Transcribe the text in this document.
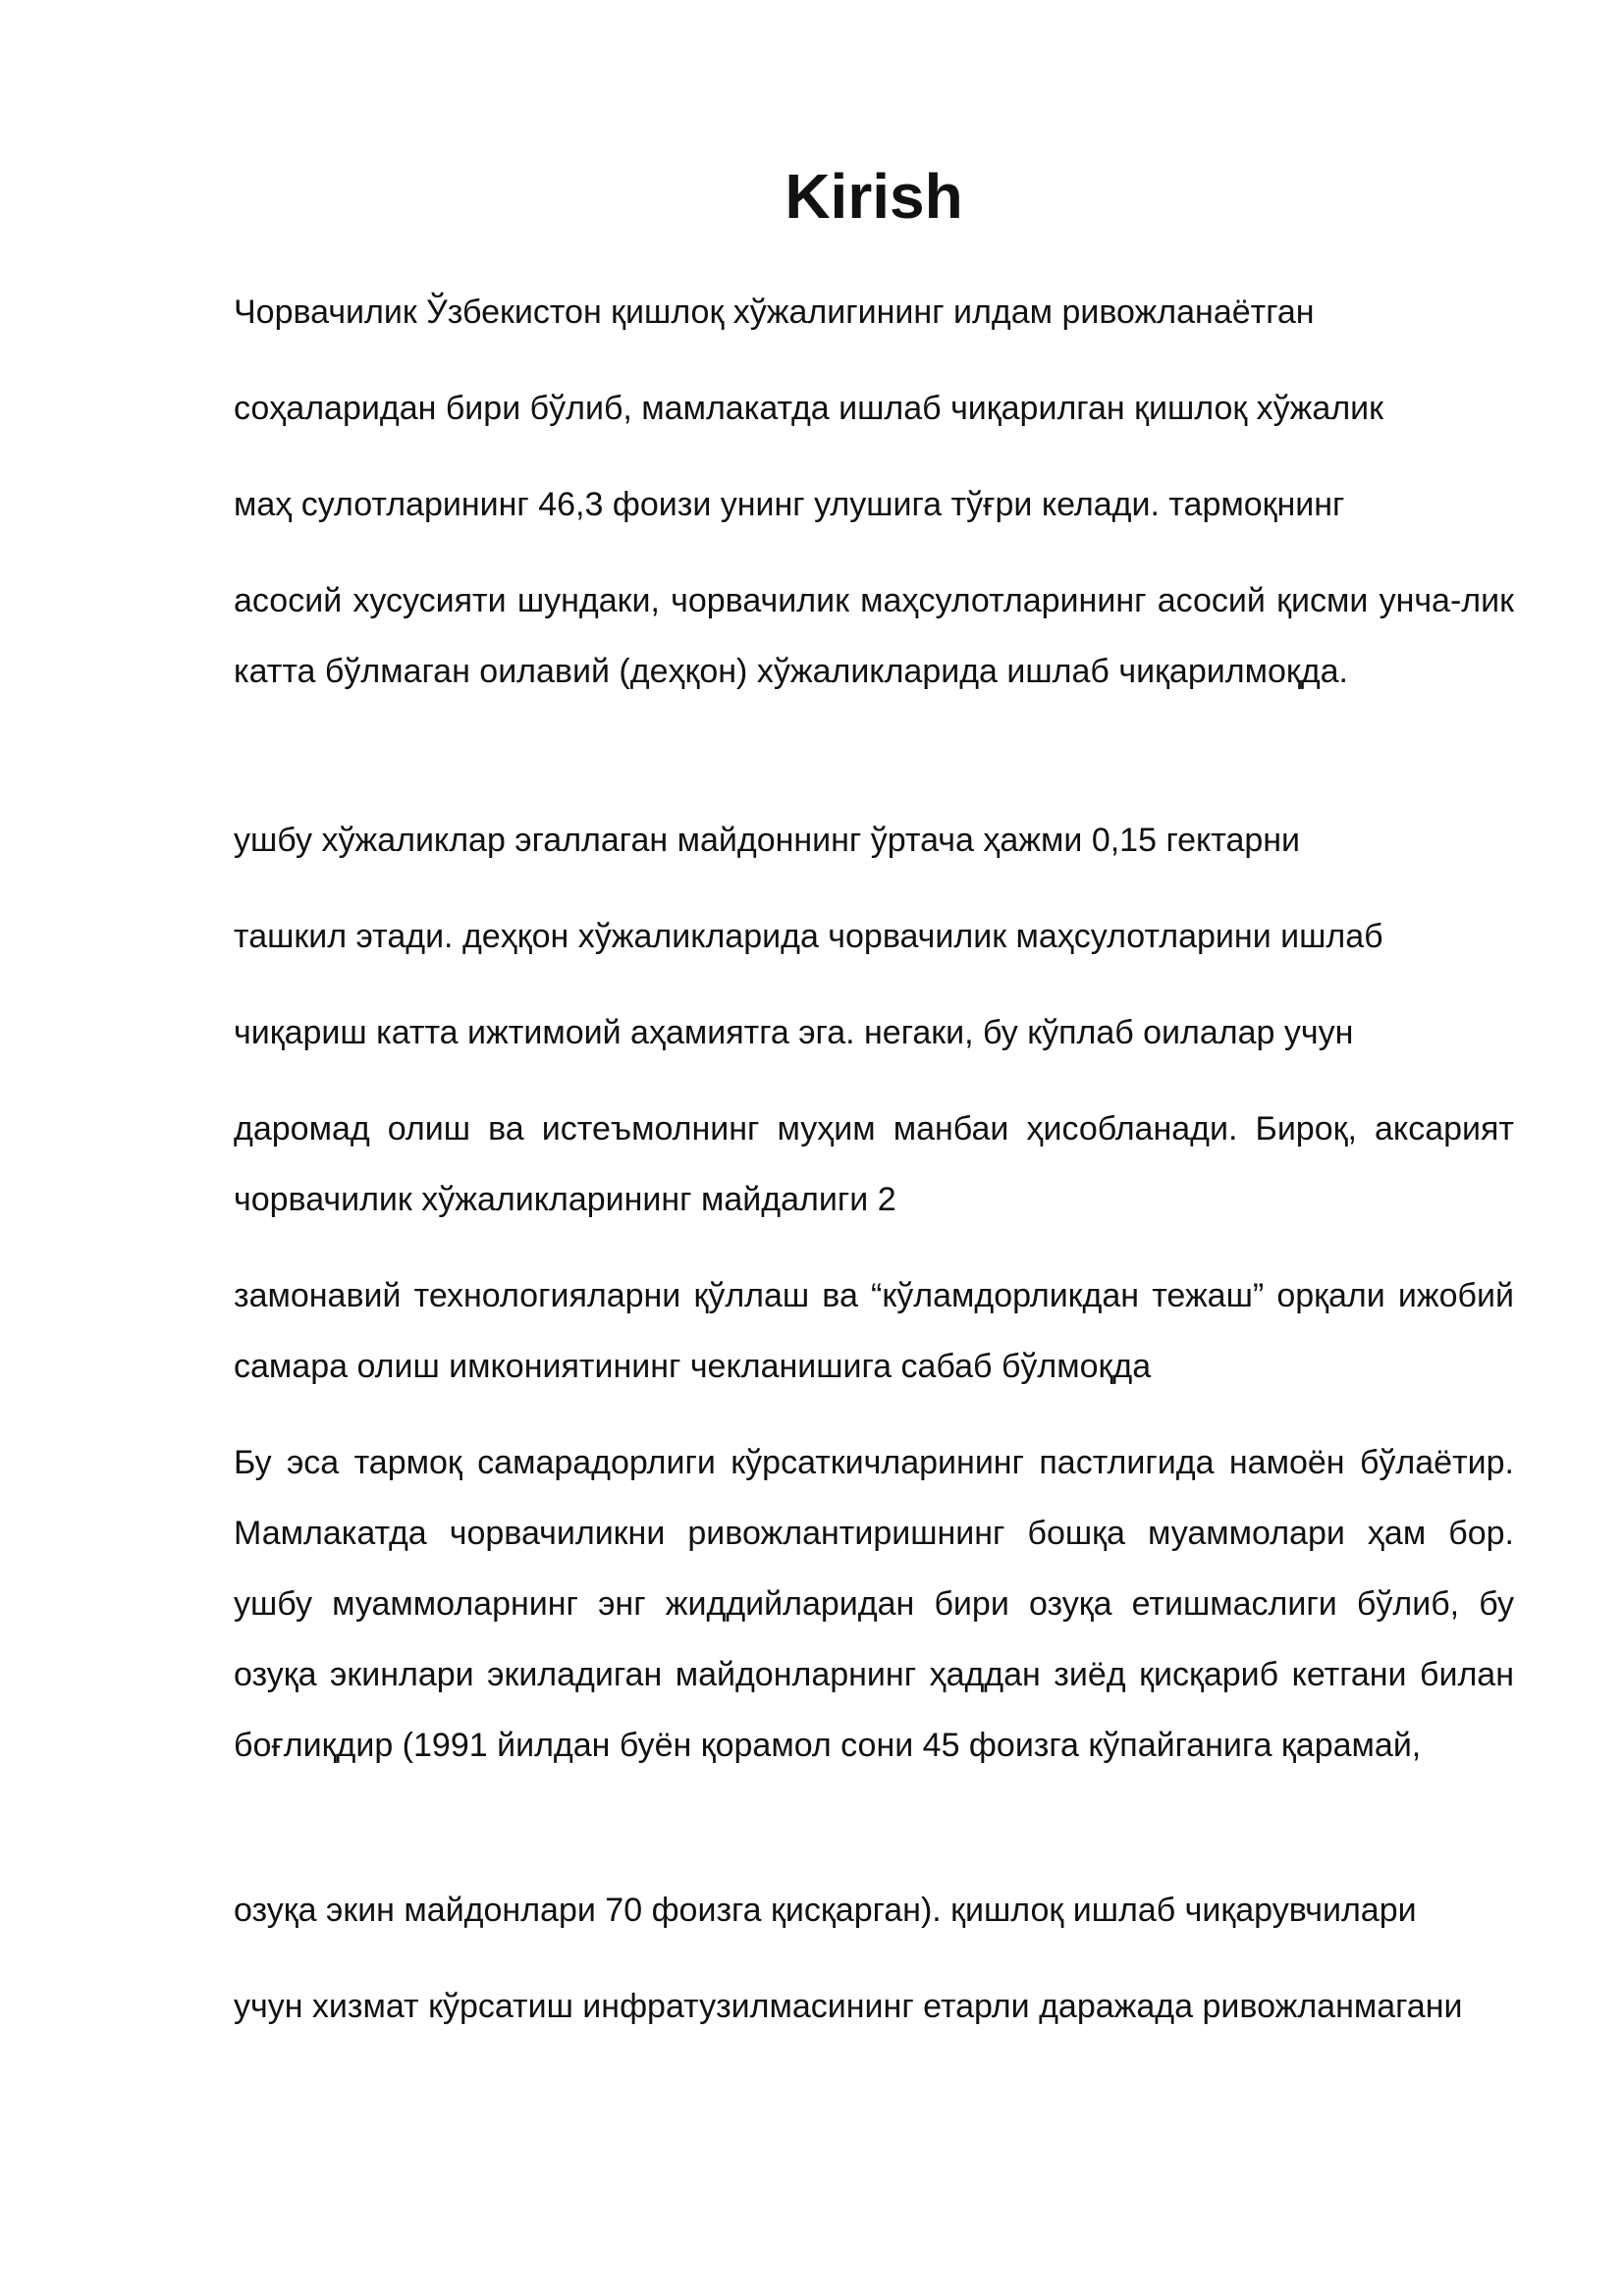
Kirish

Чорвачилик Ўзбекистон қишлоқ хўжалигининг илдам ривожланаётган

соҳаларидан бири бўлиб, мамлакатда ишлаб чиқарилган қишлоқ хўжалик

маҳ сулотларининг 46,3 фоизи унинг улушига тўғри келади. тармоқнинг

асосий хусусияти шундаки, чорвачилик маҳсулотларининг асосий қисми унча-лик катта бўлмаган оилавий (деҳқон) хўжаликларида ишлаб чиқарилмоқда.

ушбу хўжаликлар эгаллаган майдоннинг ўртача ҳажми 0,15 гектарни

ташкил этади. деҳқон хўжаликларида чорвачилик маҳсулотларини ишлаб

чиқариш катта ижтимоий аҳамиятга эга. негаки, бу кўплаб оилалар учун

даромад олиш ва истеъмолнинг муҳим манбаи ҳисобланади. Бироқ, аксарият чорвачилик хўжаликларининг майдалиги 2

замонавий технологияларни қўллаш ва “кўламдорликдан тежаш” орқали ижобий самара олиш имкониятининг чекланишига сабаб бўлмоқда

Бу эса тармоқ самарадорлиги кўрсаткичларининг пастлигида намоён бўлаётир. Мамлакатда чорвачиликни ривожлантиришнинг бошқа муаммолари ҳам бор. ушбу муаммоларнинг энг жиддийларидан бири озуқа етишмаслиги бўлиб, бу озуқа экинлари экиладиган майдонларнинг ҳаддан зиёд қисқариб кетгани билан боғлиқдир (1991 йилдан буён қорамол сони 45 фоизга кўпайганига қарамай,

озуқа экин майдонлари 70 фоизга қисқарган). қишлоқ ишлаб чиқарувчилари

учун хизмат кўрсатиш инфратузилмасининг етарли даражада ривожланмагани
